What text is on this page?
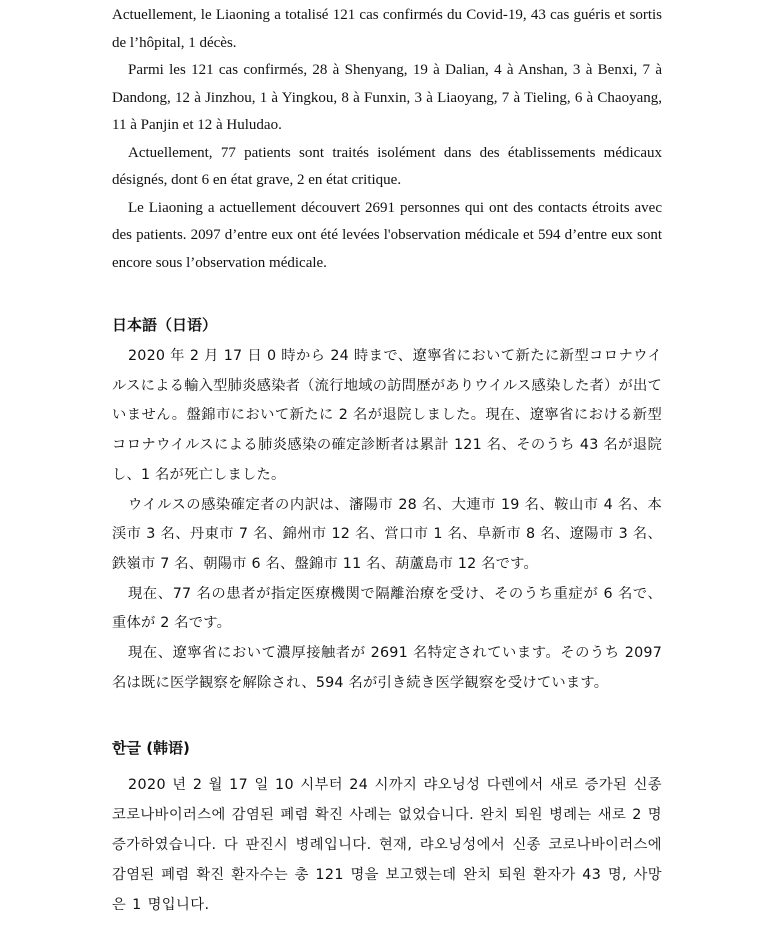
Actuellement, le Liaoning a totalisé 121 cas confirmés du Covid-19, 43 cas guéris et sortis de l’hôpital, 1 décès.

Parmi les 121 cas confirmés, 28 à Shenyang, 19 à Dalian, 4 à Anshan, 3 à Benxi, 7 à Dandong, 12 à Jinzhou, 1 à Yingkou, 8 à Funxin, 3 à Liaoyang, 7 à Tieling, 6 à Chaoyang, 11 à Panjin et 12 à Huludao.

Actuellement, 77 patients sont traités isolément dans des établissements médicaux désignés, dont 6 en état grave, 2 en état critique.

Le Liaoning a actuellement découvert 2691 personnes qui ont des contacts étroits avec des patients. 2097 d’entre eux ont été levées l'observation médicale et 594 d’entre eux sont encore sous l’observation médicale.

日本語（日语）

2020 年 2 月 17 日 0 時から 24 時まで、遼寧省において新たに新型コロナウイルスによる輸入型肺炎感染者（流行地域の訪問歴がありウイルス感染した者）が出ていません。盤錦市において新たに 2 名が退院しました。現在、遼寧省における新型コロナウイルスによる肺炎感染の確定診断者は累計 121 名、そのうち 43 名が退院し、1 名が死亡しました。

ウイルスの感染確定者の内訳は、瀋陽市 28 名、大連市 19 名、鞍山市 4 名、本渓市 3 名、丹東市 7 名、錦州市 12 名、営口市 1 名、阜新市 8 名、遼陽市 3 名、鉄嶺市 7 名、朝陽市 6 名、盤錦市 11 名、葫蘆島市 12 名です。

現在、77 名の患者が指定医療機関で隔離治療を受け、そのうち重症が 6 名で、重体が 2 名です。

現在、遼寧省において濃厚接触者が 2691 名特定されています。そのうち 2097 名は既に医学観察を解除され、594 名が引き続き医学観察を受けています。

한글 (韩语)

2020 년 2 월 17 일 10 시부터 24 시까지 랴오닝성 다렌에서 새로 증가된 신종 코로나바이러스에 감염된 폐렴 확진 사례는 없었습니다. 완치 퇴원 병례는 새로 2 명 증가하였습니다. 다 판진시 병례입니다. 현재, 랴오닝성에서 신종 코로나바이러스에 감염된 폐렴 확진 환자수는 총 121 명을 보고했는데 완치 퇴원 환자가 43 명, 사망은 1 명입니다.
